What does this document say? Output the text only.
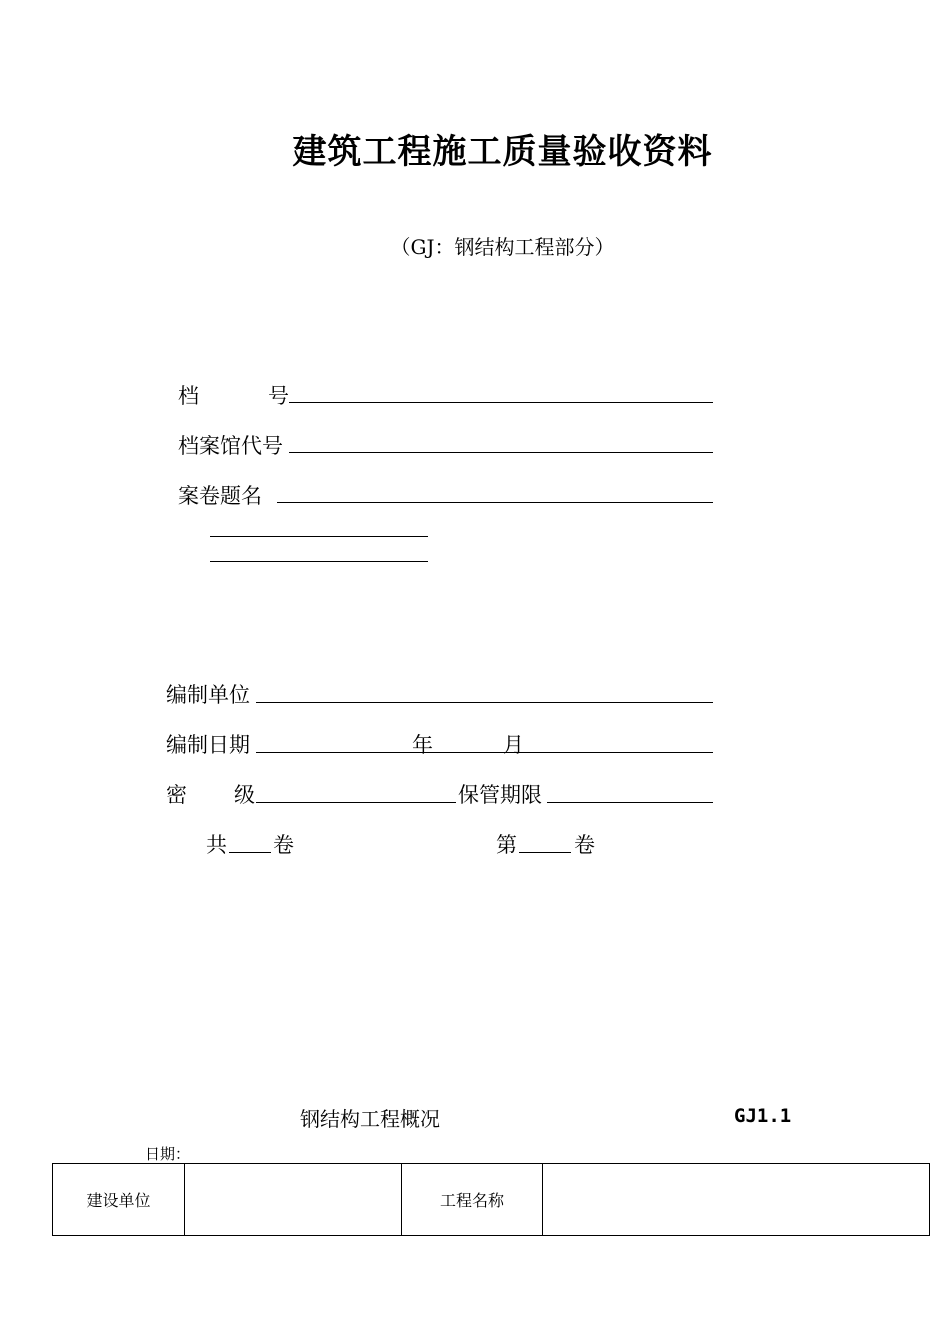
建筑工程施工质量验收资料
（GJ：钢结构工程部分）
档	号
档案馆代号
案卷题名
编制单位
编制日期	年	月
密 级	保管期限
共 卷	第	卷
钢结构工程概况	GJ1.1
日期：
建设单位		工程名称	
